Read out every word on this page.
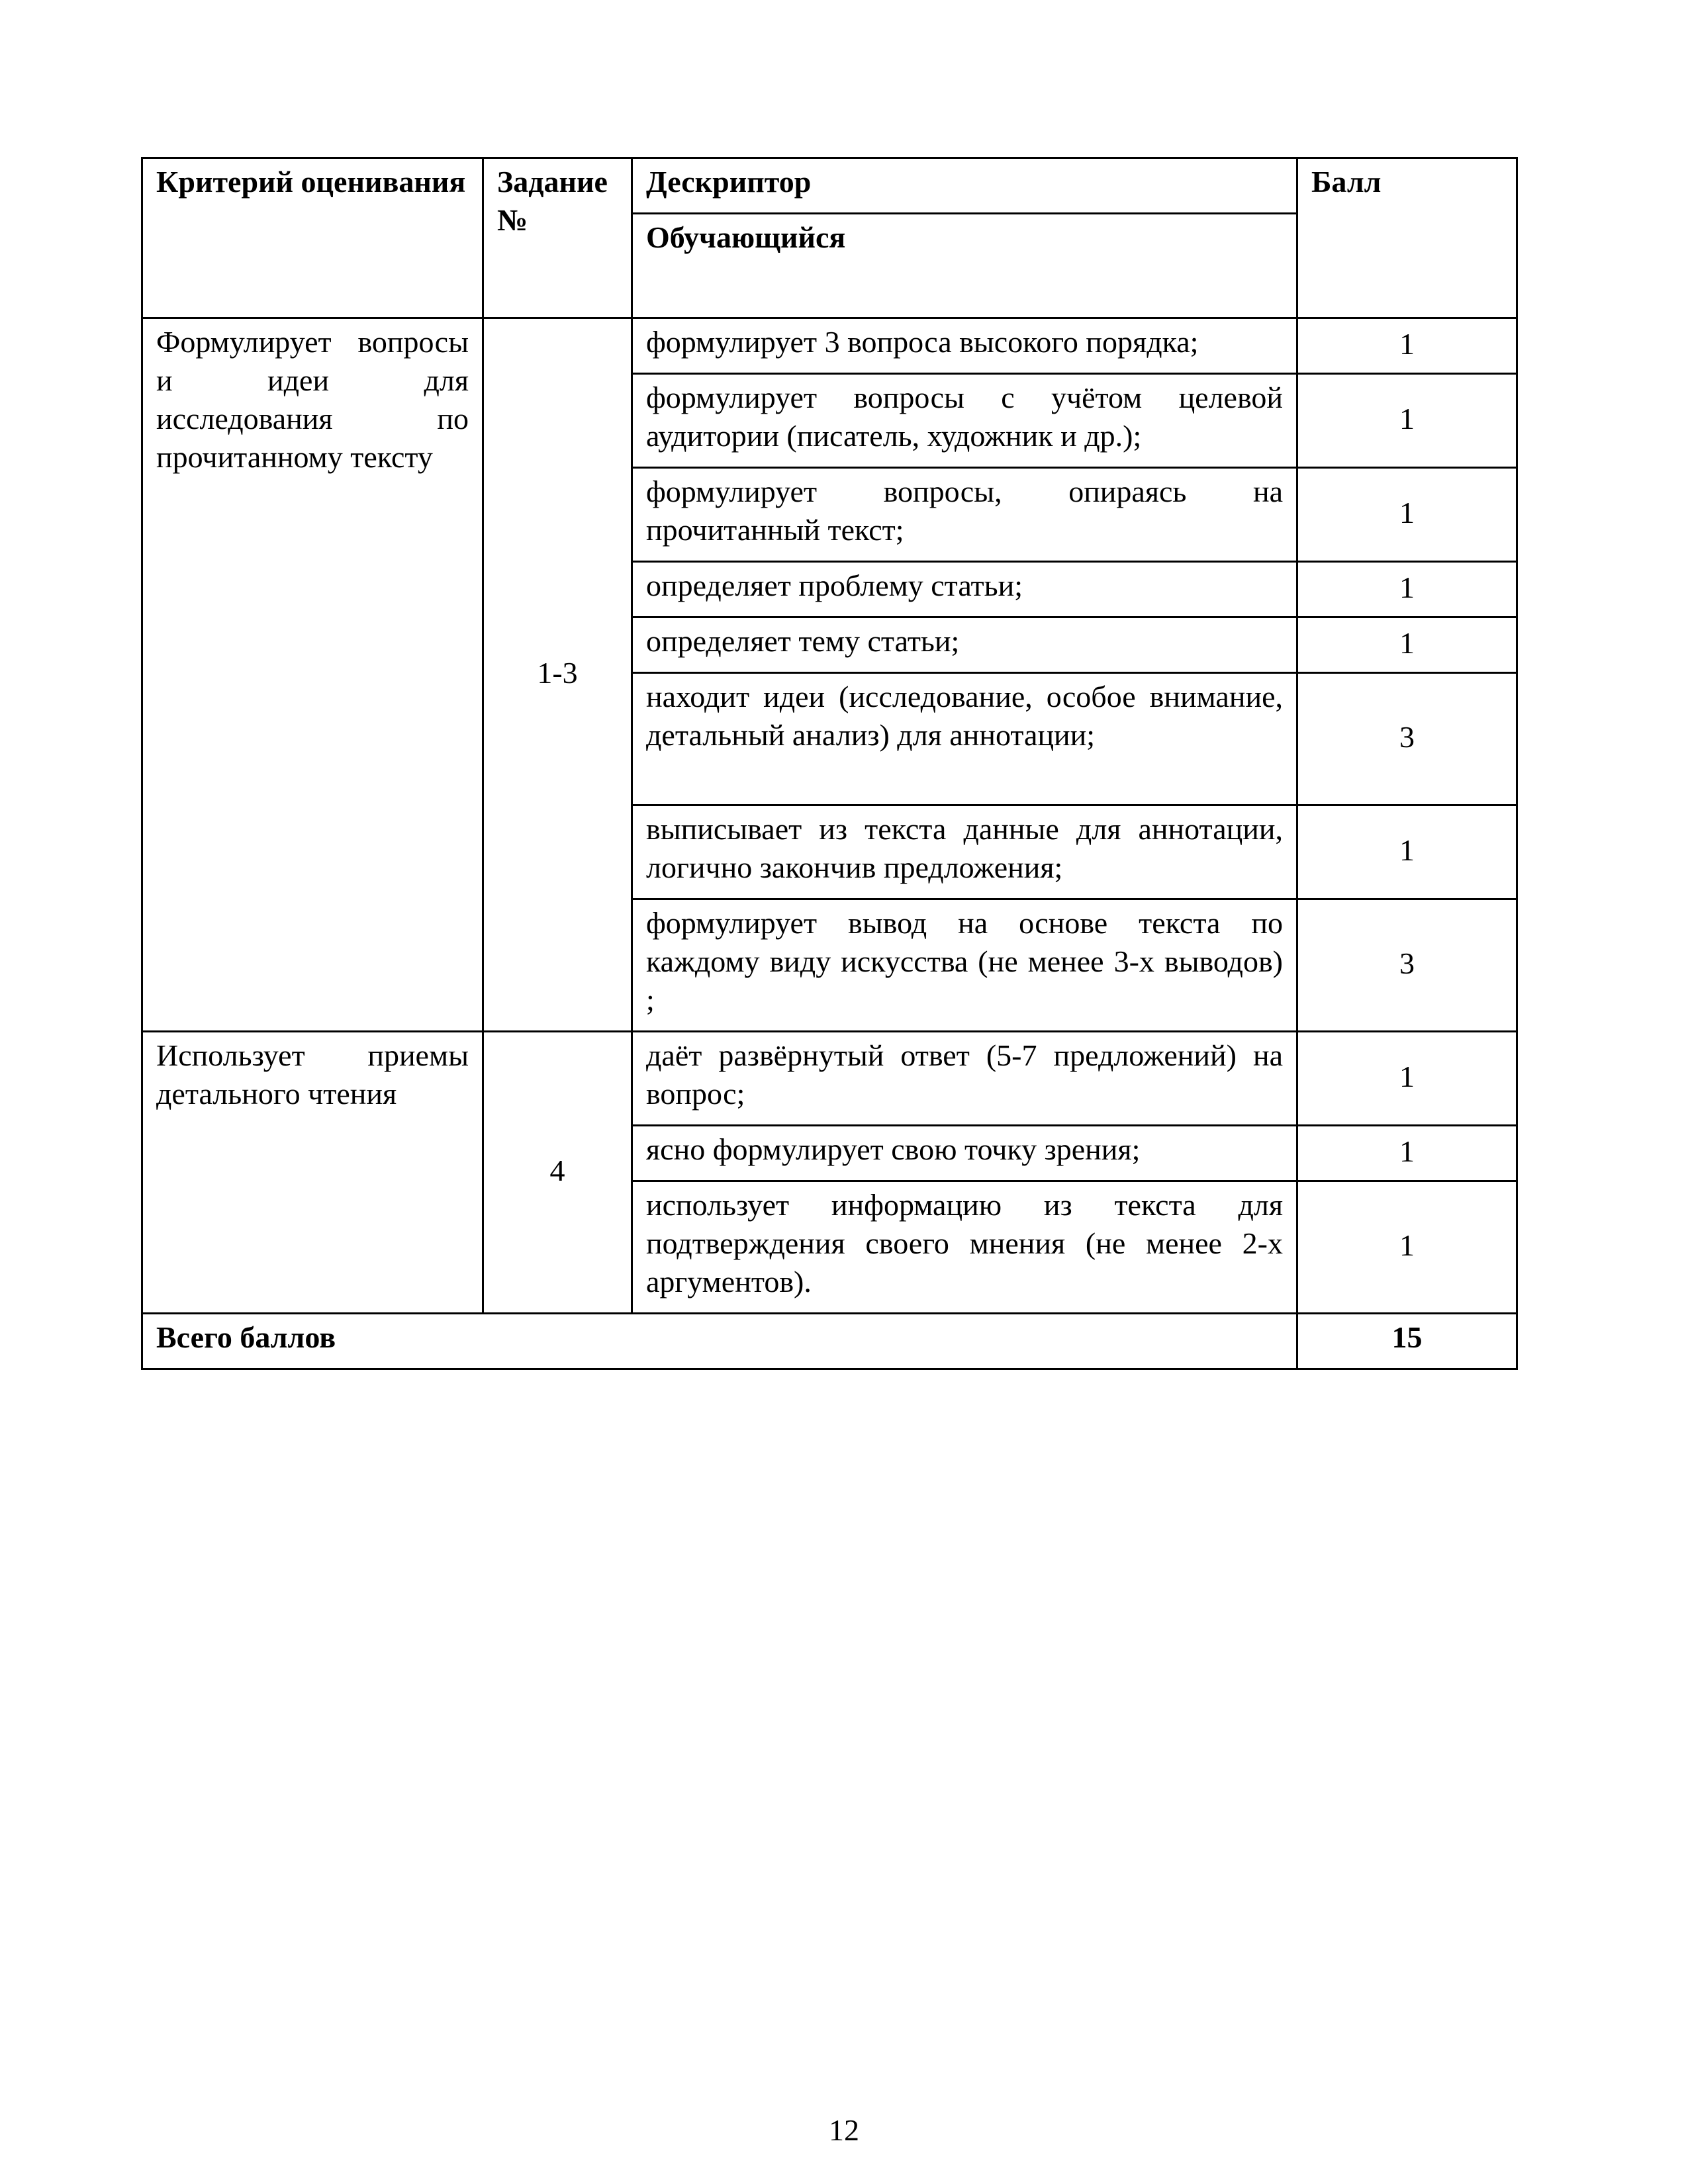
Критерий оценивания	Задание №	Дескриптор	Балл
		Обучающийся	
Формулирует вопросы и идеи для исследования по прочитанному тексту	1-3	формулирует 3 вопроса высокого порядка;	1
		формулирует вопросы с учётом целевой аудитории (писатель, художник и др.);	1
		формулирует вопросы, опираясь на прочитанный текст;	1
		определяет проблему статьи;	1
		определяет тему статьи;	1
		находит идеи (исследование, особое внимание, детальный анализ) для аннотации;	3
		выписывает из текста данные для аннотации, логично закончив предложения;	1
		формулирует вывод на основе текста по каждому виду искусства (не менее 3-х выводов) ;	3
Использует приемы детального чтения	4	даёт развёрнутый ответ (5-7 предложений) на вопрос;	1
		ясно формулирует свою точку зрения;	1
		использует информацию из текста для подтверждения своего мнения (не менее 2-х аргументов).	1
Всего баллов			15
12
